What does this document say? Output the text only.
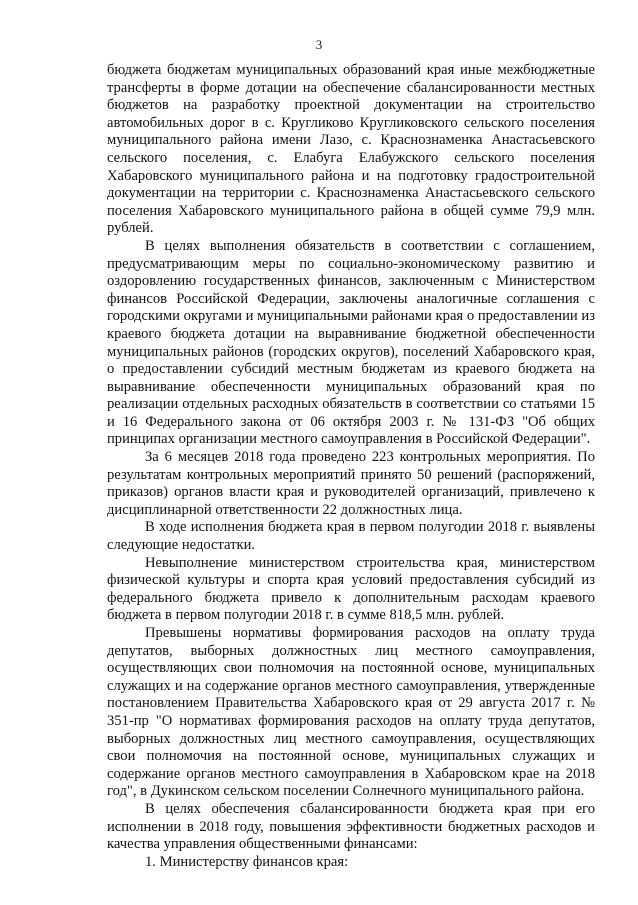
3

бюджета бюджетам муниципальных образований края иные межбюджетные трансферты в форме дотации на обеспечение сбалансированности местных бюджетов на разработку проектной документации на строительство автомобильных дорог в с. Кругликово Кругликовского сельского поселения муниципального района имени Лазо, с. Краснознаменка Анастасьевского сельского поселения, с. Елабуга Елабужского сельского поселения Хабаровского муниципального района и на подготовку градостроительной документации на территории с. Краснознаменка Анастасьевского сельского поселения Хабаровского муниципального района в общей сумме 79,9 млн. рублей.

В целях выполнения обязательств в соответствии с соглашением, предусматривающим меры по социально-экономическому развитию и оздоровлению государственных финансов, заключенным с Министерством финансов Российской Федерации, заключены аналогичные соглашения с городскими округами и муниципальными районами края о предоставлении из краевого бюджета дотации на выравнивание бюджетной обеспеченности муниципальных районов (городских округов), поселений Хабаровского края, о предоставлении субсидий местным бюджетам из краевого бюджета на выравнивание обеспеченности муниципальных образований края по реализации отдельных расходных обязательств в соответствии со статьями 15 и 16 Федерального закона от 06 октября 2003 г. № 131-ФЗ "Об общих принципах организации местного самоуправления в Российской Федерации".

За 6 месяцев 2018 года проведено 223 контрольных мероприятия. По результатам контрольных мероприятий принято 50 решений (распоряжений, приказов) органов власти края и руководителей организаций, привлечено к дисциплинарной ответственности 22 должностных лица.

В ходе исполнения бюджета края в первом полугодии 2018 г. выявлены следующие недостатки.

Невыполнение министерством строительства края, министерством физической культуры и спорта края условий предоставления субсидий из федерального бюджета привело к дополнительным расходам краевого бюджета в первом полугодии 2018 г. в сумме 818,5 млн. рублей.

Превышены нормативы формирования расходов на оплату труда депутатов, выборных должностных лиц местного самоуправления, осуществляющих свои полномочия на постоянной основе, муниципальных служащих и на содержание органов местного самоуправления, утвержденные постановлением Правительства Хабаровского края от 29 августа 2017 г. № 351-пр "О нормативах формирования расходов на оплату труда депутатов, выборных должностных лиц местного самоуправления, осуществляющих свои полномочия на постоянной основе, муниципальных служащих и содержание органов местного самоуправления в Хабаровском крае на 2018 год", в Дукинском сельском поселении Солнечного муниципального района.

В целях обеспечения сбалансированности бюджета края при его исполнении в 2018 году, повышения эффективности бюджетных расходов и качества управления общественными финансами:

1. Министерству финансов края:
